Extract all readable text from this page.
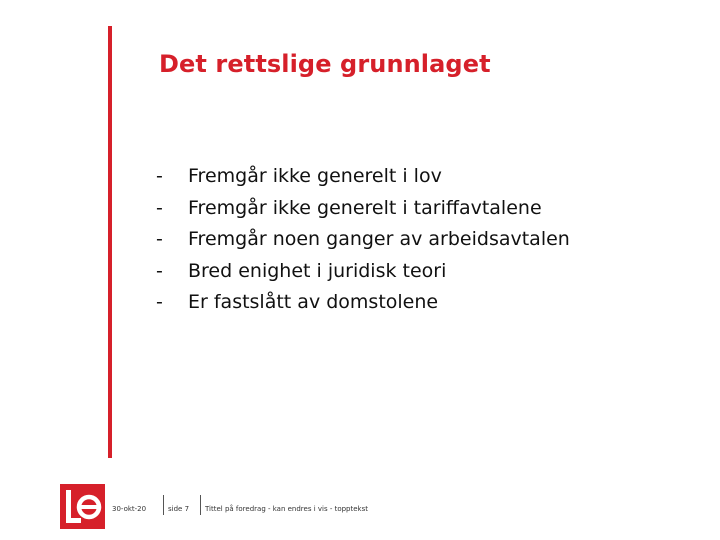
Det rettslige grunnlaget
-	Fremgår ikke generelt i lov
-	Fremgår ikke generelt i tariffavtalene
-	Fremgår noen ganger av arbeidsavtalen
-	Bred enighet i juridisk teori
-	Er fastslått av domstolene
30-okt-20	side 7 Tittel på foredrag - kan endres i vis - topptekst
